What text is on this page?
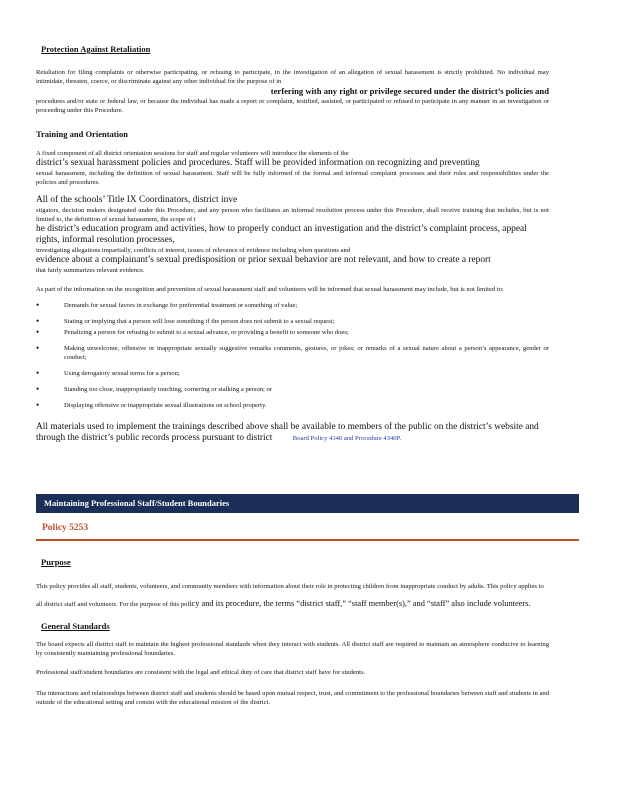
Protection Against Retaliation

Retaliation for filing complaints or otherwise participating, or refusing to participate, in the investigation of an allegation of sexual harassment is strictly prohibited. No individual may intimidate, threaten, coerce, or discriminate against any other individual for the purpose of in

terfering with any right or privilege secured under the district’s policies and

procedures and/or state or federal law, or because the individual has made a report or complaint, testified, assisted, or participated or refused to participate in any manner in an investigation or proceeding under this Procedure.

Training and Orientation

A fixed component of all district orientation sessions for staff and regular volunteers will introduce the elements of the

district’s sexual harassment policies and procedures. Staff will be provided information on recognizing and preventing

sexual harassment, including the definition of sexual harassment. Staff will be fully informed of the formal and informal complaint processes and their roles and responsibilities under the policies and procedures.

All of the schools’ Title IX Coordinators, district inve

stigators, decision makers designated under this Procedure, and any person who facilitates an informal resolution process under this Procedure, shall receive training that includes, but is not limited to, the definition of sexual harassment, the scope of t

he district’s education program and activities, how to properly conduct an investigation and the district’s complaint process, appeal rights, informal resolution processes,

investigating allegations impartially, conflicts of interest, issues of relevance of evidence including when questions and

evidence about a complainant’s sexual predisposition or prior sexual behavior are not relevant, and how to create a report

that fairly summarizes relevant evidence.

As part of the information on the recognition and prevention of sexual harassment staff and volunteers will be informed that sexual harassment may include, but is not limited to:

• Demands for sexual favors in exchange for preferential treatment or something of value;
• Stating or implying that a person will lose something if the person does not submit to a sexual request;
• Penalizing a person for refusing to submit to a sexual advance, or providing a benefit to someone who does;
• Making unwelcome, offensive or inappropriate sexually suggestive remarks comments, gestures, or jokes; or remarks of a sexual nature about a person’s appearance, gender or conduct;
• Using derogatory sexual terms for a person;
• Standing too close, inappropriately touching, cornering or stalking a person; or
• Displaying offensive or inappropriate sexual illustrations on school property.

All materials used to implement the trainings described above shall be available to members of the public on the district’s website and through the district’s public records process pursuant to district	Board Policy 4340 and Procedure 4340P.

Maintaining Professional Staff/Student Boundaries
Policy 5253

Purpose

This policy provides all staff, students, volunteers, and community members with information about their role in protecting children from inappropriate conduct by adults. This policy applies to all district staff and volunteers. For the purpose of this pol

icy and its procedure, the terms “district staff,” “staff member(s),” and “staff” also include volunteers.

General Standards

The board expects all district staff to maintain the highest professional standards when they interact with students. All district staff are required to maintain an atmosphere conducive to learning by consistently maintaining professional boundaries.

Professional staff/student boundaries are consistent with the legal and ethical duty of care that district staff have for students.

The interactions and relationships between district staff and students should be based upon mutual respect, trust, and commitment to the professional boundaries between staff and students in and outside of the educational setting and consist with the educational mission of the district.
